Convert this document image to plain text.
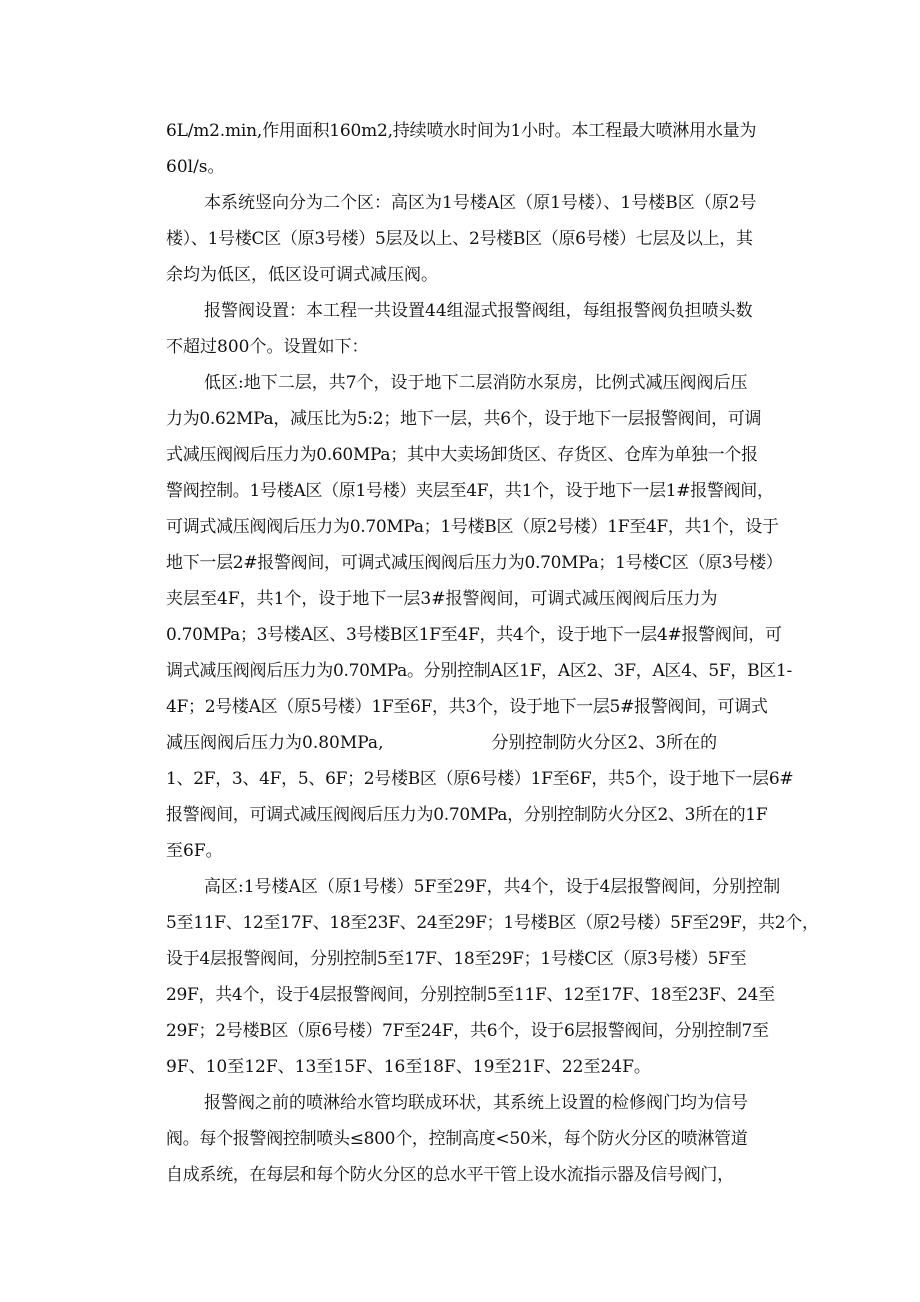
6L/m2.min,作用面积160m2,持续喷水时间为1小时。本工程最大喷淋用水量为
60l/s。
本系统竖向分为二个区：高区为1号楼A区（原1号楼）、1号楼B区（原2号
楼）、1号楼C区（原3号楼）5层及以上、2号楼B区（原6号楼）七层及以上，其
余均为低区，低区设可调式减压阀。
报警阀设置：本工程一共设置44组湿式报警阀组，每组报警阀负担喷头数
不超过800个。设置如下：
低区:地下二层，共7个，设于地下二层消防水泵房，比例式减压阀阀后压
力为0.62MPa，减压比为5:2；地下一层，共6个，设于地下一层报警阀间，可调
式减压阀阀后压力为0.60MPa；其中大卖场卸货区、存货区、仓库为单独一个报
警阀控制。1号楼A区（原1号楼）夹层至4F，共1个，设于地下一层1#报警阀间，
可调式减压阀阀后压力为0.70MPa；1号楼B区（原2号楼）1F至4F，共1个，设于
地下一层2#报警阀间，可调式减压阀阀后压力为0.70MPa；1号楼C区（原3号楼）
夹层至4F，共1个，设于地下一层3#报警阀间，可调式减压阀阀后压力为
0.70MPa；3号楼A区、3号楼B区1F至4F，共4个，设于地下一层4#报警阀间，可
调式减压阀阀后压力为0.70MPa。分别控制A区1F，A区2、3F，A区4、5F，B区1-
4F；2号楼A区（原5号楼）1F至6F，共3个，设于地下一层5#报警阀间，可调式
减压阀阀后压力为0.80MPa,                    分别控制防火分区2、3所在的
1、2F，3、4F，5、6F；2号楼B区（原6号楼）1F至6F，共5个，设于地下一层6#
报警阀间，可调式减压阀阀后压力为0.70MPa，分别控制防火分区2、3所在的1F
至6F。
高区:1号楼A区（原1号楼）5F至29F，共4个，设于4层报警阀间，分别控制
5至11F、12至17F、18至23F、24至29F；1号楼B区（原2号楼）5F至29F，共2个，
设于4层报警阀间，分别控制5至17F、18至29F；1号楼C区（原3号楼）5F至
29F，共4个，设于4层报警阀间，分别控制5至11F、12至17F、18至23F、24至
29F；2号楼B区（原6号楼）7F至24F，共6个，设于6层报警阀间，分别控制7至
9F、10至12F、13至15F、16至18F、19至21F、22至24F。
报警阀之前的喷淋给水管均联成环状，其系统上设置的检修阀门均为信号
阀。每个报警阀控制喷头≤800个，控制高度<50米，每个防火分区的喷淋管道
自成系统，在每层和每个防火分区的总水平干管上设水流指示器及信号阀门，
